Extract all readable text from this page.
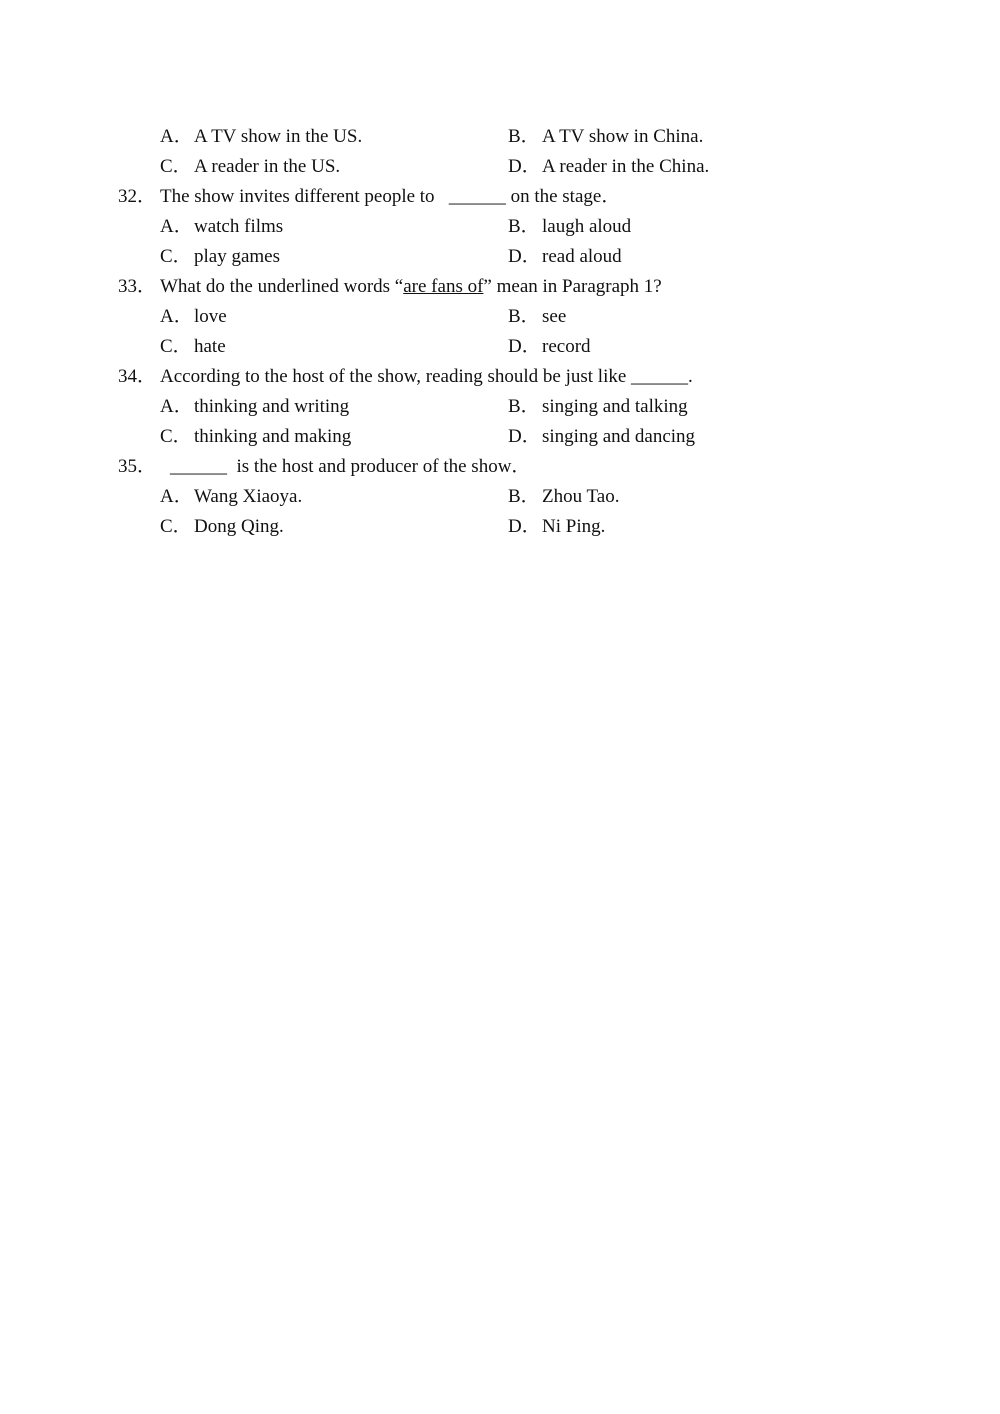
A．A TV show in the US.	B． A TV show in China.
C． A reader in the US.	D．A reader in the China.
32． The show invites different people to ______ on the stage．
A．watch films	B． laugh aloud
C． play games	D．read aloud
33． What do the underlined words “are fans of” mean in Paragraph 1?
A．love	B． see
C． hate	D．record
34． According to the host of the show, reading should be just like ______.
A．thinking and writing	B． singing and talking
C． thinking and making	D．singing and dancing
35． ______ is the host and producer of the show．
A．Wang Xiaoya.	B． Zhou Tao.
C． Dong Qing.	D．Ni Ping.
